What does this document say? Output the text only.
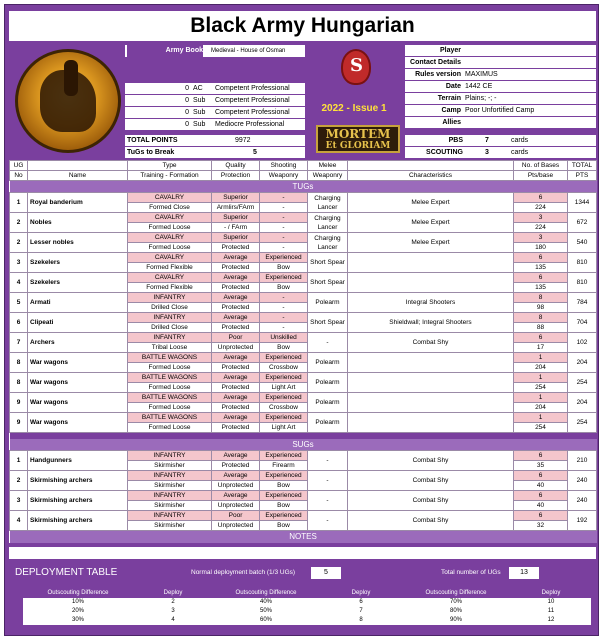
Black Army Hungarian
Army Book Medieval - House of Osman
0 AC Competent Professional
0 Sub Competent Professional
0 Sub Competent Professional
0 Sub Mediocre Professional
TOTAL POINTS	9972
TuGs to Break	5
S
2022 - Issue 1
MORTEM
Et GLORIAM
Player
Contact Details
Rules version MAXIMUS
Date 1442 CE
Terrain Plains; -; -
Camp Poor Unfortified Camp
Allies
PBS	7	cards
SCOUTING	3	cards
UG		Type	Quality	Shooting	Melee		No. of Bases	TOTAL
No	Name	Training - Formation	Protection	Weaponry	Weaponry	Characteristics	Pts/base	PTS
TUGs								
1	Royal banderium	CAVALRY	Superior	-	Charging Lancer	Melee Expert	6	1344
		Formed Close	Armlirs/FArm	-			224	
2	Nobles	CAVALRY	Superior	-	Charging Lancer	Melee Expert	3	672
		Formed Loose	- / FArm	-			224	
2	Lesser nobles	CAVALRY	Superior	-	Charging Lancer	Melee Expert	3	540
		Formed Loose	Protected	-			180	
3	Szekelers	CAVALRY	Average	Experienced	Short Spear		6	810
		Formed Flexible	Protected	Bow			135	
4	Szekelers	CAVALRY	Average	Experienced	Short Spear		6	810
		Formed Flexible	Protected	Bow			135	
5	Armati	INFANTRY	Average	-	Polearm	Integral Shooters	8	784
		Drilled Close	Protected	-			98	
6	Clipeati	INFANTRY	Average	-	Short Spear	Shieldwall; Integral Shooters	8	704
		Drilled Close	Protected	-			88	
7	Archers	INFANTRY	Poor	Unskilled	-	Combat Shy	6	102
		Tribal Loose	Unprotected	Bow			17	
8	War wagons	BATTLE WAGONS	Average	Experienced	Polearm		1	204
		Formed Loose	Protected	Crossbow			204	
8	War wagons	BATTLE WAGONS	Average	Experienced	Polearm		1	254
		Formed Loose	Protected	Light Art			254	
9	War wagons	BATTLE WAGONS	Average	Experienced	Polearm		1	204
		Formed Loose	Protected	Crossbow			204	
9	War wagons	BATTLE WAGONS	Average	Experienced	Polearm		1	254
		Formed Loose	Protected	Light Art			254	

SUGs								
1	Handgunners	INFANTRY	Average	Experienced	-	Combat Shy	6	210
		Skirmisher	Protected	Firearm			35	
2	Skirmishing archers	INFANTRY	Average	Experienced	-	Combat Shy	6	240
		Skirmisher	Unprotected	Bow			40	
3	Skirmishing archers	INFANTRY	Average	Experienced	-	Combat Shy	6	240
		Skirmisher	Unprotected	Bow			40	
4	Skirmishing archers	INFANTRY	Poor	Experienced	-	Combat Shy	6	192
		Skirmisher	Unprotected	Bow			32	
NOTES								
DEPLOYMENT TABLE	Normal deployment batch (1/3 UGs)	5	Total number of UGs	13
Outscouting Difference	Deploy
10%	2
20%	3
30%	4
Outscouting Difference	Deploy
40%	6
50%	7
60%	8
Outscouting Difference	Deploy
70%	10
80%	11
90%	12
